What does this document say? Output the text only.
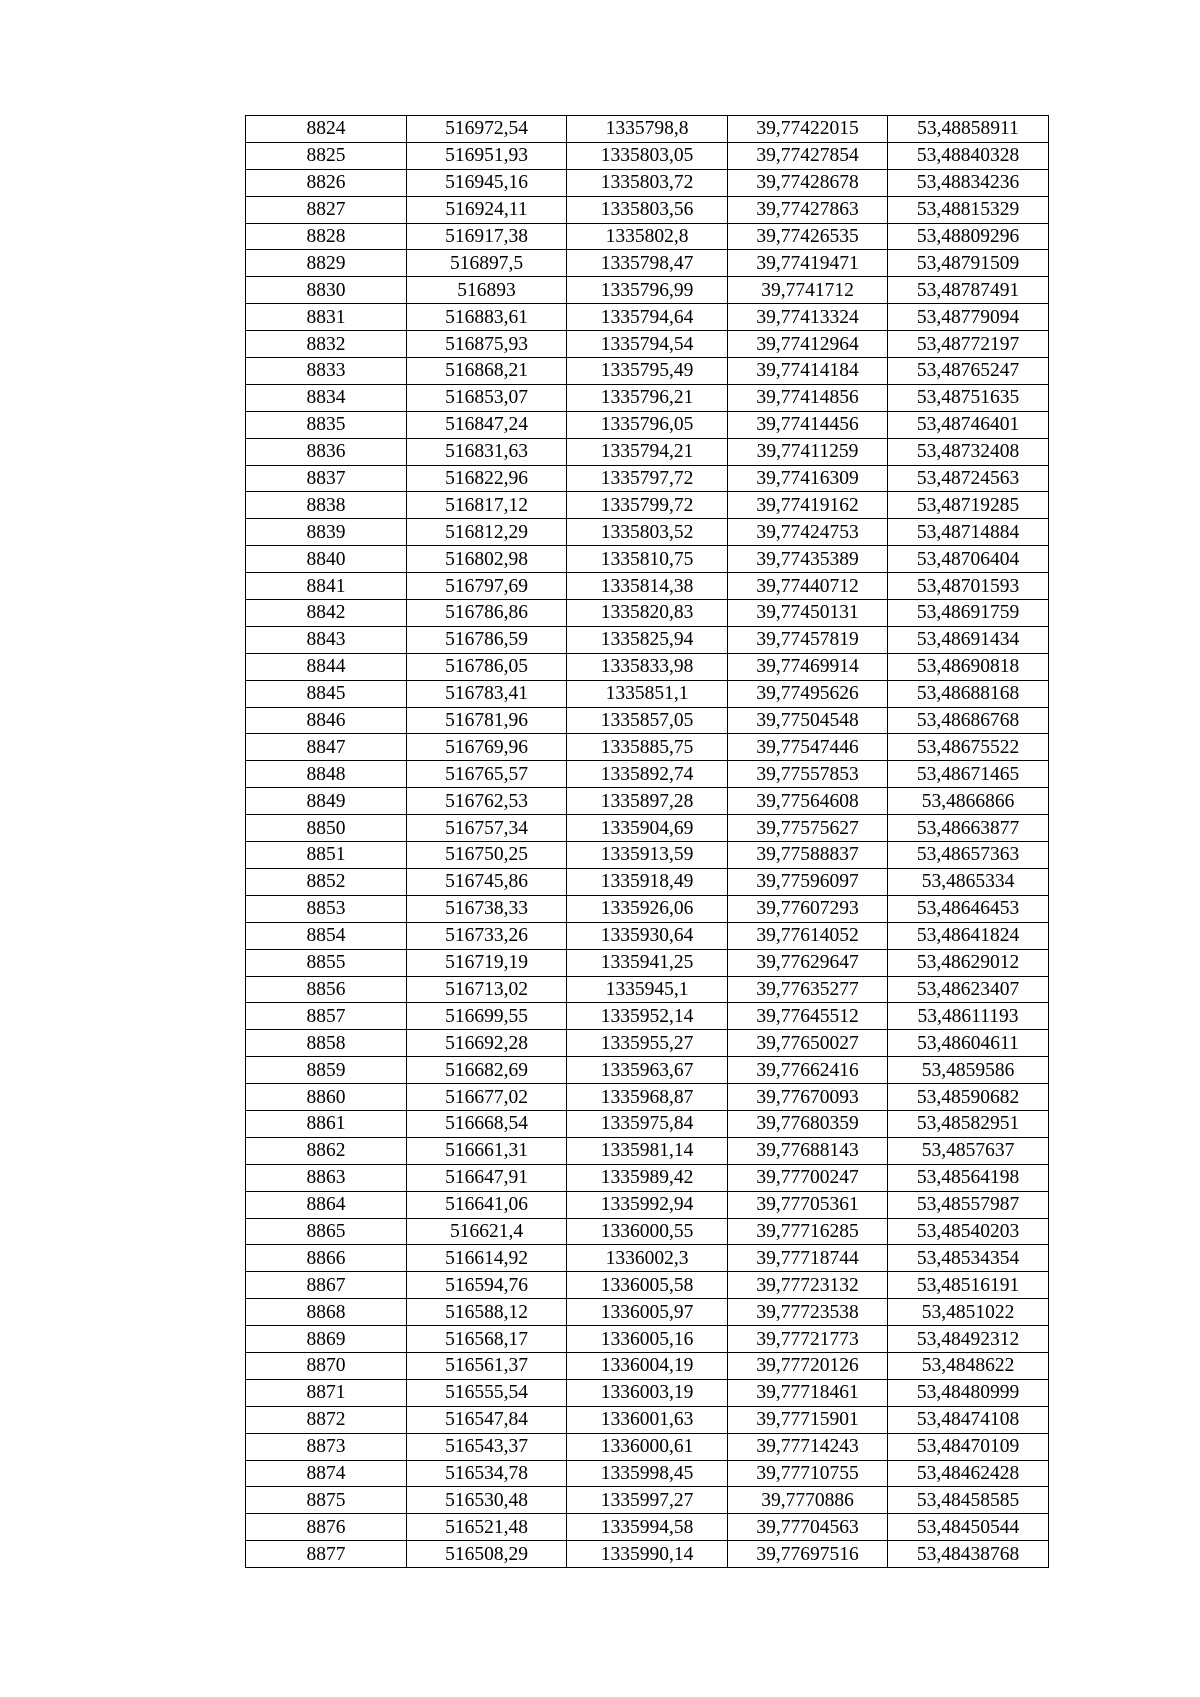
8824	516972,54	1335798,8	39,77422015	53,48858911
8825	516951,93	1335803,05	39,77427854	53,48840328
8826	516945,16	1335803,72	39,77428678	53,48834236
8827	516924,11	1335803,56	39,77427863	53,48815329
8828	516917,38	1335802,8	39,77426535	53,48809296
8829	516897,5	1335798,47	39,77419471	53,48791509
8830	516893	1335796,99	39,7741712	53,48787491
8831	516883,61	1335794,64	39,77413324	53,48779094
8832	516875,93	1335794,54	39,77412964	53,48772197
8833	516868,21	1335795,49	39,77414184	53,48765247
8834	516853,07	1335796,21	39,77414856	53,48751635
8835	516847,24	1335796,05	39,77414456	53,48746401
8836	516831,63	1335794,21	39,77411259	53,48732408
8837	516822,96	1335797,72	39,77416309	53,48724563
8838	516817,12	1335799,72	39,77419162	53,48719285
8839	516812,29	1335803,52	39,77424753	53,48714884
8840	516802,98	1335810,75	39,77435389	53,48706404
8841	516797,69	1335814,38	39,77440712	53,48701593
8842	516786,86	1335820,83	39,77450131	53,48691759
8843	516786,59	1335825,94	39,77457819	53,48691434
8844	516786,05	1335833,98	39,77469914	53,48690818
8845	516783,41	1335851,1	39,77495626	53,48688168
8846	516781,96	1335857,05	39,77504548	53,48686768
8847	516769,96	1335885,75	39,77547446	53,48675522
8848	516765,57	1335892,74	39,77557853	53,48671465
8849	516762,53	1335897,28	39,77564608	53,4866866
8850	516757,34	1335904,69	39,77575627	53,48663877
8851	516750,25	1335913,59	39,77588837	53,48657363
8852	516745,86	1335918,49	39,77596097	53,4865334
8853	516738,33	1335926,06	39,77607293	53,48646453
8854	516733,26	1335930,64	39,77614052	53,48641824
8855	516719,19	1335941,25	39,77629647	53,48629012
8856	516713,02	1335945,1	39,77635277	53,48623407
8857	516699,55	1335952,14	39,77645512	53,48611193
8858	516692,28	1335955,27	39,77650027	53,48604611
8859	516682,69	1335963,67	39,77662416	53,4859586
8860	516677,02	1335968,87	39,77670093	53,48590682
8861	516668,54	1335975,84	39,77680359	53,48582951
8862	516661,31	1335981,14	39,77688143	53,4857637
8863	516647,91	1335989,42	39,77700247	53,48564198
8864	516641,06	1335992,94	39,77705361	53,48557987
8865	516621,4	1336000,55	39,77716285	53,48540203
8866	516614,92	1336002,3	39,77718744	53,48534354
8867	516594,76	1336005,58	39,77723132	53,48516191
8868	516588,12	1336005,97	39,77723538	53,4851022
8869	516568,17	1336005,16	39,77721773	53,48492312
8870	516561,37	1336004,19	39,77720126	53,4848622
8871	516555,54	1336003,19	39,77718461	53,48480999
8872	516547,84	1336001,63	39,77715901	53,48474108
8873	516543,37	1336000,61	39,77714243	53,48470109
8874	516534,78	1335998,45	39,77710755	53,48462428
8875	516530,48	1335997,27	39,7770886	53,48458585
8876	516521,48	1335994,58	39,77704563	53,48450544
8877	516508,29	1335990,14	39,77697516	53,48438768
